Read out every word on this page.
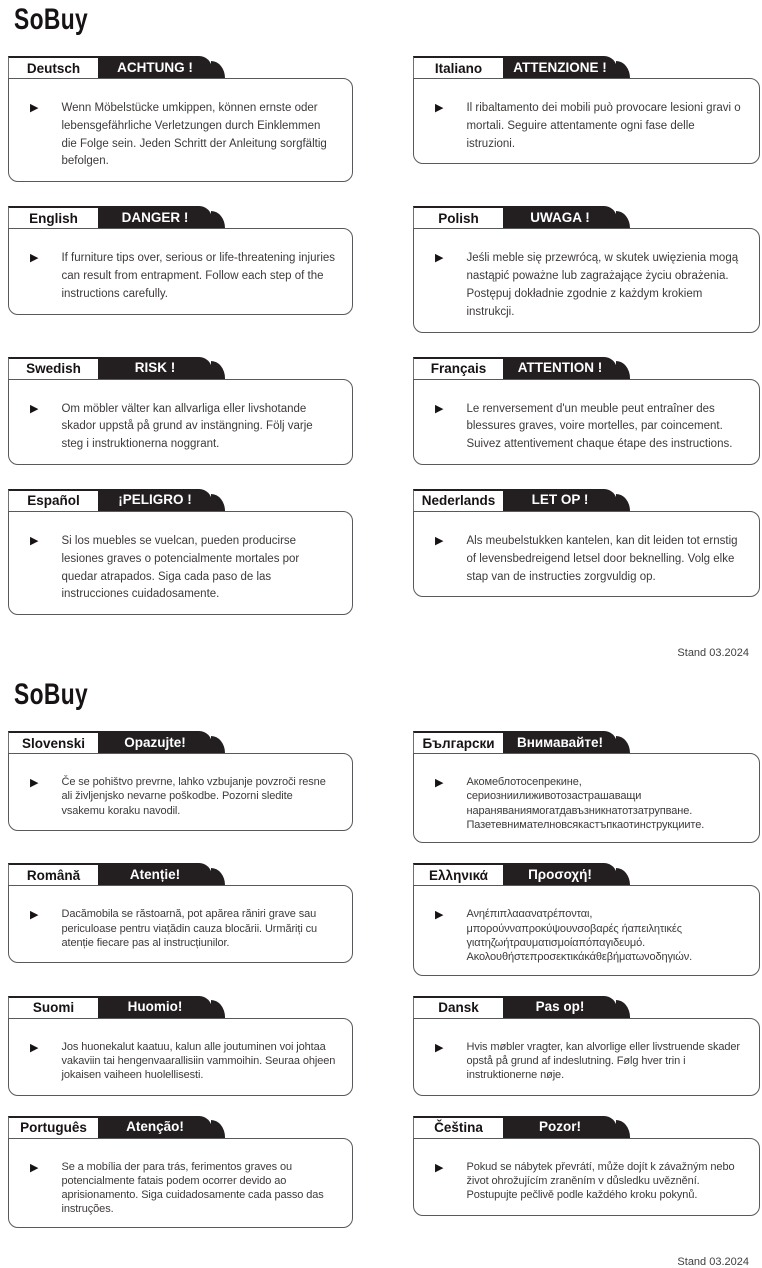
SoBuy
Deutsch	ACHTUNG !
▶ Wenn Möbelstücke umkippen, können ernste oder lebensgefährliche Verletzungen durch Einklemmen die Folge sein. Jeden Schritt der Anleitung sorgfältig befolgen.

Italiano ATTENZIONE !
▶ Il ribaltamento dei mobili può provocare lesioni gravi o mortali. Seguire attentamente ogni fase delle istruzioni.

English	DANGER !
▶ If furniture tips over, serious or life-threatening injuries can result from entrapment. Follow each step of the instructions carefully.

Polish	UWAGA !
▶ Jeśli meble się przewrócą, w skutek uwięzienia mogą nastąpić poważne lub zagrażające życiu obrażenia. Postępuj dokładnie zgodnie z każdym krokiem instrukcji.

Swedish	RISK !
▶ Om möbler välter kan allvarliga eller livshotande skador uppstå på grund av instängning. Följ varje steg i instruktionerna noggrant.

Français ATTENTION !
▶ Le renversement d'un meuble peut entraîner des blessures graves, voire mortelles, par coincement. Suivez attentivement chaque étape des instructions.

Español	¡PELIGRO !
▶ Si los muebles se vuelcan, pueden producirse lesiones graves o potencialmente mortales por quedar atrapados. Siga cada paso de las instrucciones cuidadosamente.

Nederlands	LET OP !
▶ Als meubelstukken kantelen, kan dit leiden tot ernstig of levensbedreigend letsel door beknelling. Volg elke stap van de instructies zorgvuldig op.

Stand 03.2024
SoBuy
Slovenski	Opazujte!
▶ Če se pohištvo prevrne, lahko vzbujanje povzroči resne ali življenjsko nevarne poškodbe. Pozorni sledite vsakemu koraku navodil.

Български Внимавайте!
▶ Акомеблотосепрекине, сериозниилиживотозастрашаващи нараняваниямогатдавъзникнатотзатрупване. Пазетевнимателновсякастъпкаотинструкциите.

Română	Atenție!
▶ Dacămobila se răstoarnă, pot apărea răniri grave sau periculoase pentru viațădin cauza blocării. Urmăriți cu atenție fiecare pas al instrucțiunilor.

Ελληνικά	Προσοχή!
▶ Ανηέπιπλααανατρέπονται, μπορούνναπροκύψουνσοβαρές ήαπειλητικές γιατηζωήτραυματισμοίαπόπαγιδευμό. Ακολουθήστεπροσεκτικάκάθεβήματωνοδηγιών.

Suomi	Huomio!
▶ Jos huonekalut kaatuu, kalun alle joutuminen voi johtaa vakaviin tai hengenvaarallisiin vammoihin. Seuraa ohjeen jokaisen vaiheen huolellisesti.

Dansk	Pas op!
▶ Hvis møbler vragter, kan alvorlige eller livstruende skader opstå på grund af indeslutning. Følg hver trin i instruktionerne nøje.

Português	Atenção!
▶ Se a mobília der para trás, ferimentos graves ou potencialmente fatais podem ocorrer devido ao aprisionamento. Siga cuidadosamente cada passo das instruções.

Čeština	Pozor!
▶ Pokud se nábytek převrátí, může dojít k závažným nebo život ohrožujícím zraněním v důsledku uvěznění. Postupujte pečlivě podle každého kroku pokynů.

Stand 03.2024
